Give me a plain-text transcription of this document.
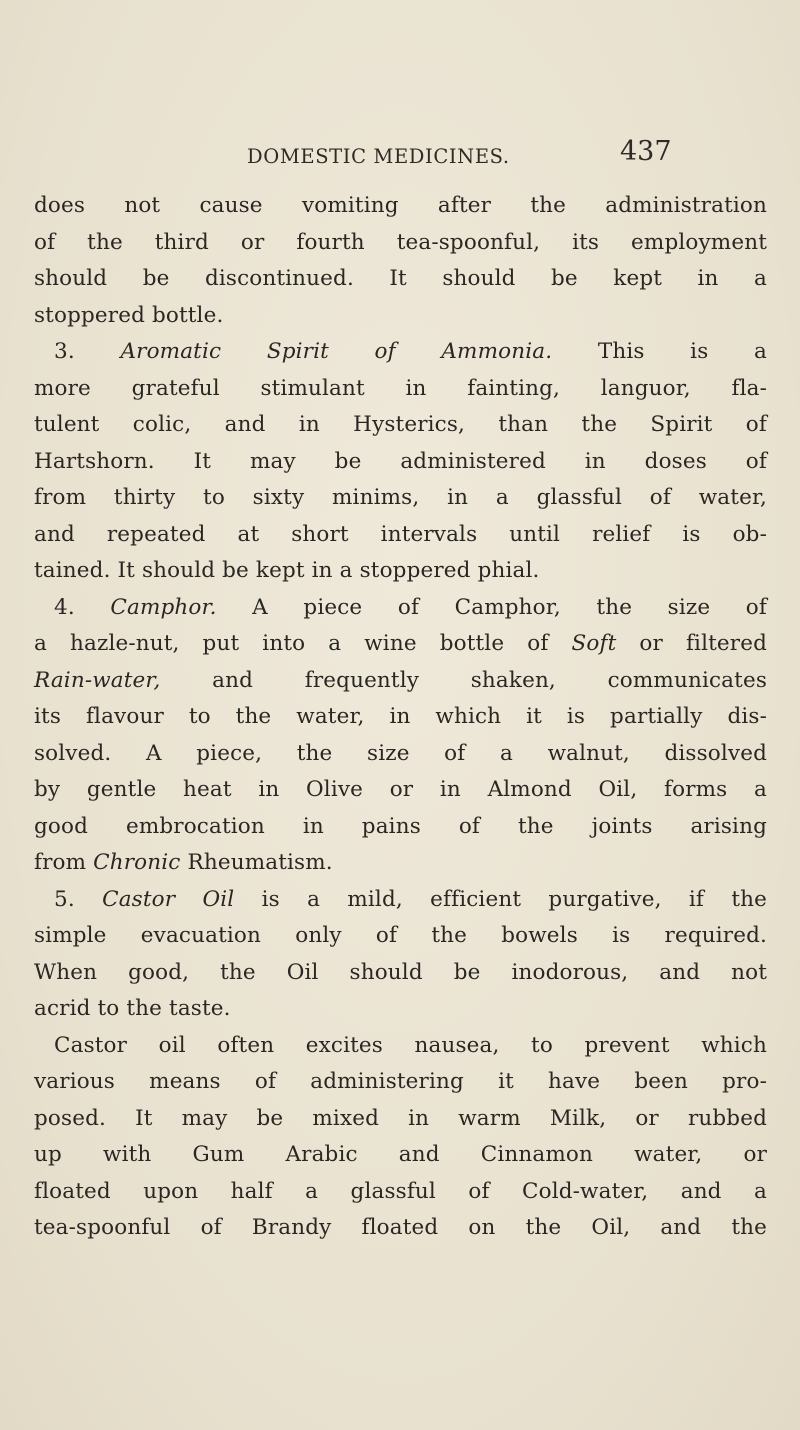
DOMESTIC MEDICINES.	437
does not cause vomiting after the administration
of the third or fourth tea-spoonful, its employment
should be discontinued. It should be kept in a
stoppered bottle.
3. Aromatic Spirit of Ammonia. This is a
more grateful stimulant in fainting, languor, fla-
tulent colic, and in Hysterics, than the Spirit of
Hartshorn. It may be administered in doses of
from thirty to sixty minims, in a glassful of water,
and repeated at short intervals until relief is ob-
tained. It should be kept in a stoppered phial.
4. Camphor. A piece of Camphor, the size of
a hazle-nut, put into a wine bottle of Soft or filtered
Rain-water, and frequently shaken, communicates
its flavour to the water, in which it is partially dis-
solved. A piece, the size of a walnut, dissolved
by gentle heat in Olive or in Almond Oil, forms a
good embrocation in pains of the joints arising
from Chronic Rheumatism.
5. Castor Oil is a mild, efficient purgative, if the
simple evacuation only of the bowels is required.
When good, the Oil should be inodorous, and not
acrid to the taste.
Castor oil often excites nausea, to prevent which
various means of administering it have been pro-
posed. It may be mixed in warm Milk, or rubbed
up with Gum Arabic and Cinnamon water, or
floated upon half a glassful of Cold-water, and a
tea-spoonful of Brandy floated on the Oil, and the
